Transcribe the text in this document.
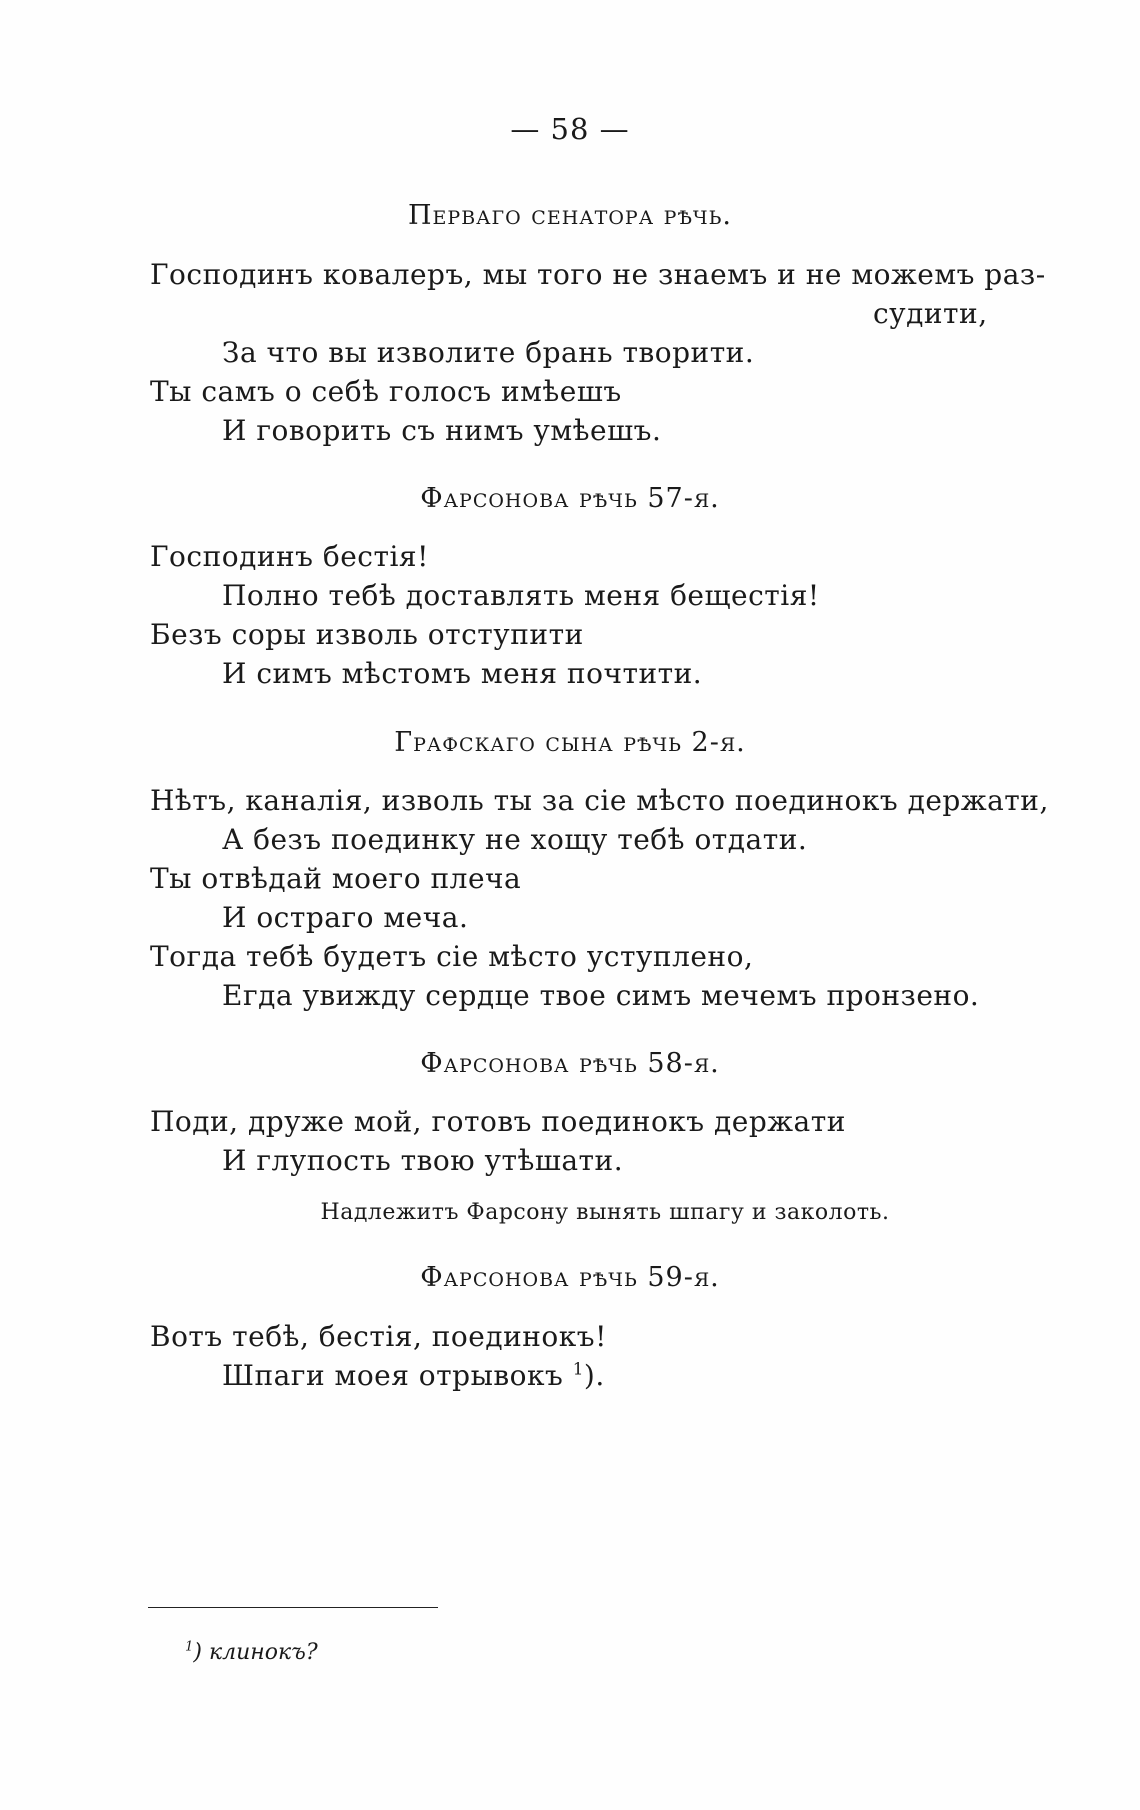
— 58 —
Перваго сенатора рѣчь.
Господинъ ковалеръ, мы того не знаемъ и не можемъ раз-
судити,
За что вы изволите брань творити.
Ты самъ о себѣ голосъ имѣешъ
И говорить съ нимъ умѣешъ.
Фарсонова рѣчь 57-я.
Господинъ бестія!
Полно тебѣ доставлять меня бещестія!
Безъ соры изволь отступити
И симъ мѣстомъ меня почтити.
Графскаго сына рѣчь 2-я.
Нѣтъ, каналія, изволь ты за сіе мѣсто поединокъ держати,
А безъ поединку не хощу тебѣ отдати.
Ты отвѣдай моего плеча
И остраго меча.
Тогда тебѣ будетъ сіе мѣсто уступлено,
Егда увижду сердце твое симъ мечемъ пронзено.
Фарсонова рѣчь 58-я.
Поди, друже мой, готовъ поединокъ держати
И глупость твою утѣшати.
Надлежитъ Фарсону вынять шпагу и заколоть.
Фарсонова рѣчь 59-я.
Вотъ тебѣ, бестія, поединокъ!
Шпаги моея отрывокъ $^1$).
$^1$) клинокъ?
